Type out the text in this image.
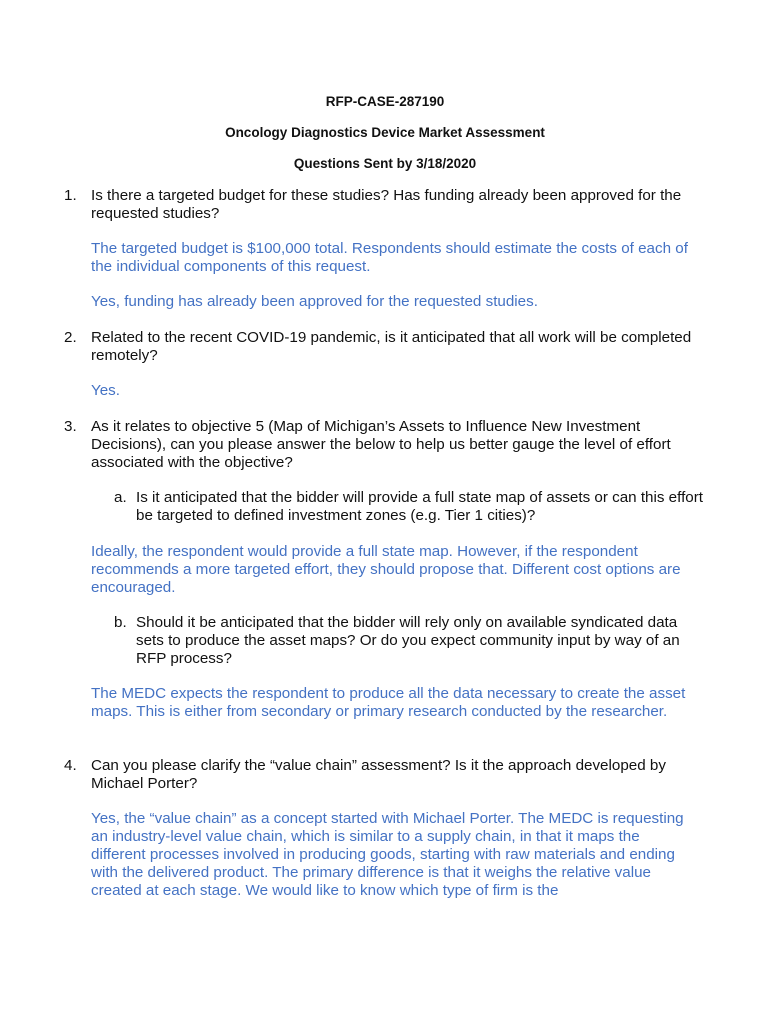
RFP-CASE-287190
Oncology Diagnostics Device Market Assessment
Questions Sent by 3/18/2020
1. Is there a targeted budget for these studies? Has funding already been approved for the requested studies?
The targeted budget is $100,000 total. Respondents should estimate the costs of each of the individual components of this request.
Yes, funding has already been approved for the requested studies.
2. Related to the recent COVID-19 pandemic, is it anticipated that all work will be completed remotely?
Yes.
3. As it relates to objective 5 (Map of Michigan’s Assets to Influence New Investment Decisions), can you please answer the below to help us better gauge the level of effort associated with the objective?
a. Is it anticipated that the bidder will provide a full state map of assets or can this effort be targeted to defined investment zones (e.g. Tier 1 cities)?
Ideally, the respondent would provide a full state map. However, if the respondent recommends a more targeted effort, they should propose that. Different cost options are encouraged.
b. Should it be anticipated that the bidder will rely only on available syndicated data sets to produce the asset maps? Or do you expect community input by way of an RFP process?
The MEDC expects the respondent to produce all the data necessary to create the asset maps. This is either from secondary or primary research conducted by the researcher.
4. Can you please clarify the “value chain” assessment? Is it the approach developed by Michael Porter?
Yes, the “value chain” as a concept started with Michael Porter. The MEDC is requesting an industry-level value chain, which is similar to a supply chain, in that it maps the different processes involved in producing goods, starting with raw materials and ending with the delivered product. The primary difference is that it weighs the relative value created at each stage. We would like to know which type of firm is the
